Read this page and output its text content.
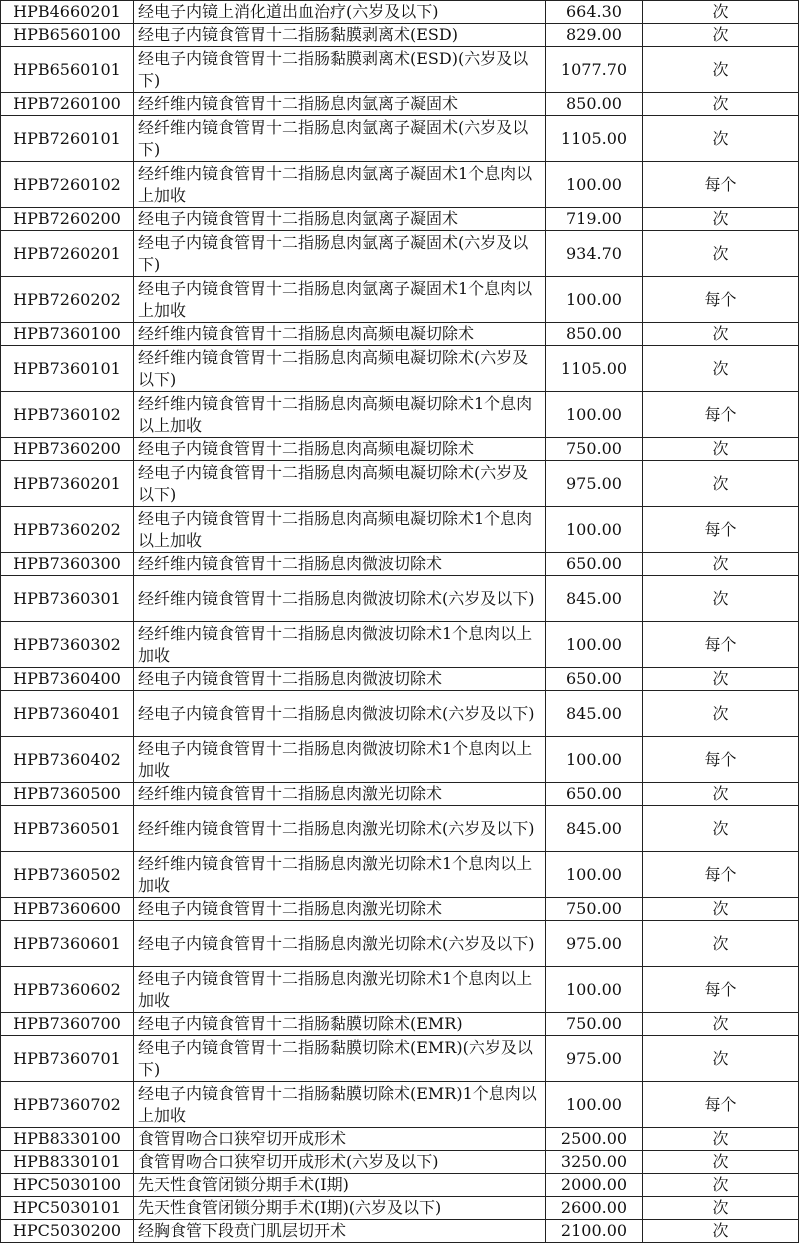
HPB4660201	经电子内镜上消化道出血治疗(六岁及以下)	664.30	次
HPB6560100	经电子内镜食管胃十二指肠黏膜剥离术(ESD)	829.00	次
HPB6560101	经电子内镜食管胃十二指肠黏膜剥离术(ESD)(六岁及以下)	1077.70	次
HPB7260100	经纤维内镜食管胃十二指肠息肉氩离子凝固术	850.00	次
HPB7260101	经纤维内镜食管胃十二指肠息肉氩离子凝固术(六岁及以下)	1105.00	次
HPB7260102	经纤维内镜食管胃十二指肠息肉氩离子凝固术1个息肉以上加收	100.00	每个
HPB7260200	经电子内镜食管胃十二指肠息肉氩离子凝固术	719.00	次
HPB7260201	经电子内镜食管胃十二指肠息肉氩离子凝固术(六岁及以下)	934.70	次
HPB7260202	经电子内镜食管胃十二指肠息肉氩离子凝固术1个息肉以上加收	100.00	每个
HPB7360100	经纤维内镜食管胃十二指肠息肉高频电凝切除术	850.00	次
HPB7360101	经纤维内镜食管胃十二指肠息肉高频电凝切除术(六岁及以下)	1105.00	次
HPB7360102	经纤维内镜食管胃十二指肠息肉高频电凝切除术1个息肉以上加收	100.00	每个
HPB7360200	经电子内镜食管胃十二指肠息肉高频电凝切除术	750.00	次
HPB7360201	经电子内镜食管胃十二指肠息肉高频电凝切除术(六岁及以下)	975.00	次
HPB7360202	经电子内镜食管胃十二指肠息肉高频电凝切除术1个息肉以上加收	100.00	每个
HPB7360300	经纤维内镜食管胃十二指肠息肉微波切除术	650.00	次
HPB7360301	经纤维内镜食管胃十二指肠息肉微波切除术(六岁及以下)	845.00	次
HPB7360302	经纤维内镜食管胃十二指肠息肉微波切除术1个息肉以上加收	100.00	每个
HPB7360400	经电子内镜食管胃十二指肠息肉微波切除术	650.00	次
HPB7360401	经电子内镜食管胃十二指肠息肉微波切除术(六岁及以下)	845.00	次
HPB7360402	经电子内镜食管胃十二指肠息肉微波切除术1个息肉以上加收	100.00	每个
HPB7360500	经纤维内镜食管胃十二指肠息肉激光切除术	650.00	次
HPB7360501	经纤维内镜食管胃十二指肠息肉激光切除术(六岁及以下)	845.00	次
HPB7360502	经纤维内镜食管胃十二指肠息肉激光切除术1个息肉以上加收	100.00	每个
HPB7360600	经电子内镜食管胃十二指肠息肉激光切除术	750.00	次
HPB7360601	经电子内镜食管胃十二指肠息肉激光切除术(六岁及以下)	975.00	次
HPB7360602	经电子内镜食管胃十二指肠息肉激光切除术1个息肉以上加收	100.00	每个
HPB7360700	经电子内镜食管胃十二指肠黏膜切除术(EMR)	750.00	次
HPB7360701	经电子内镜食管胃十二指肠黏膜切除术(EMR)(六岁及以下)	975.00	次
HPB7360702	经电子内镜食管胃十二指肠黏膜切除术(EMR)1个息肉以上加收	100.00	每个
HPB8330100	食管胃吻合口狭窄切开成形术	2500.00	次
HPB8330101	食管胃吻合口狭窄切开成形术(六岁及以下)	3250.00	次
HPC5030100	先天性食管闭锁分期手术(I期)	2000.00	次
HPC5030101	先天性食管闭锁分期手术(I期)(六岁及以下)	2600.00	次
HPC5030200	经胸食管下段贲门肌层切开术	2100.00	次
